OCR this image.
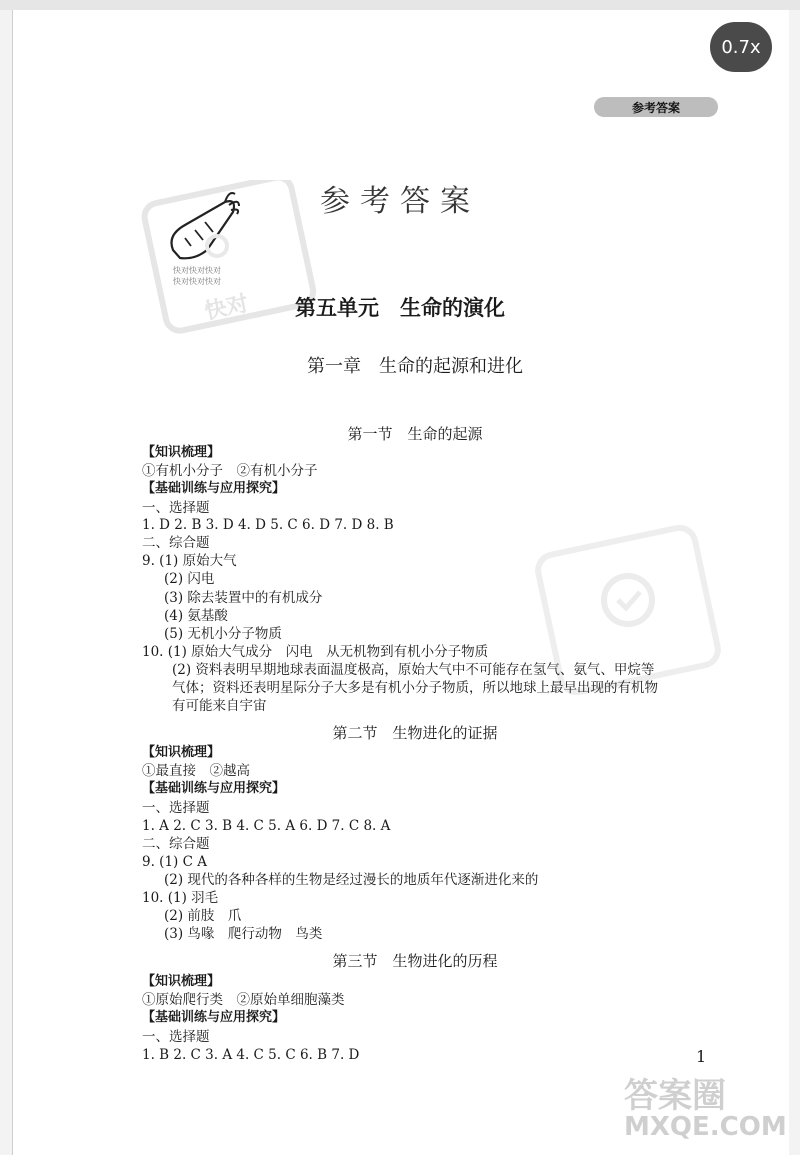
0.7x
参考答案
快对
快对快对快对
快对快对快对
参考答案
第五单元　生命的演化
第一章　生命的起源和进化
第一节　生命的起源
【知识梳理】
①有机小分子　②有机小分子
【基础训练与应用探究】
一、选择题
1. D 2. B 3. D 4. D 5. C 6. D 7. D 8. B
二、综合题
9. (1) 原始大气
(2) 闪电
(3) 除去装置中的有机成分
(4) 氨基酸
(5) 无机小分子物质
10. (1) 原始大气成分　闪电　从无机物到有机小分子物质
(2) 资料表明早期地球表面温度极高，原始大气中不可能存在氢气、氨气、甲烷等
气体；资料还表明星际分子大多是有机小分子物质，所以地球上最早出现的有机物
有可能来自宇宙
第二节　生物进化的证据
【知识梳理】
①最直接　②越高
【基础训练与应用探究】
一、选择题
1. A 2. C 3. B 4. C 5. A 6. D 7. C 8. A
二、综合题
9. (1) C A
(2) 现代的各种各样的生物是经过漫长的地质年代逐渐进化来的
10. (1) 羽毛
(2) 前肢　爪
(3) 鸟喙　爬行动物　鸟类
第三节　生物进化的历程
【知识梳理】
①原始爬行类　②原始单细胞藻类
【基础训练与应用探究】
一、选择题
1. B 2. C 3. A 4. C 5. C 6. B 7. D	1
答案圈
MXQE.COM
